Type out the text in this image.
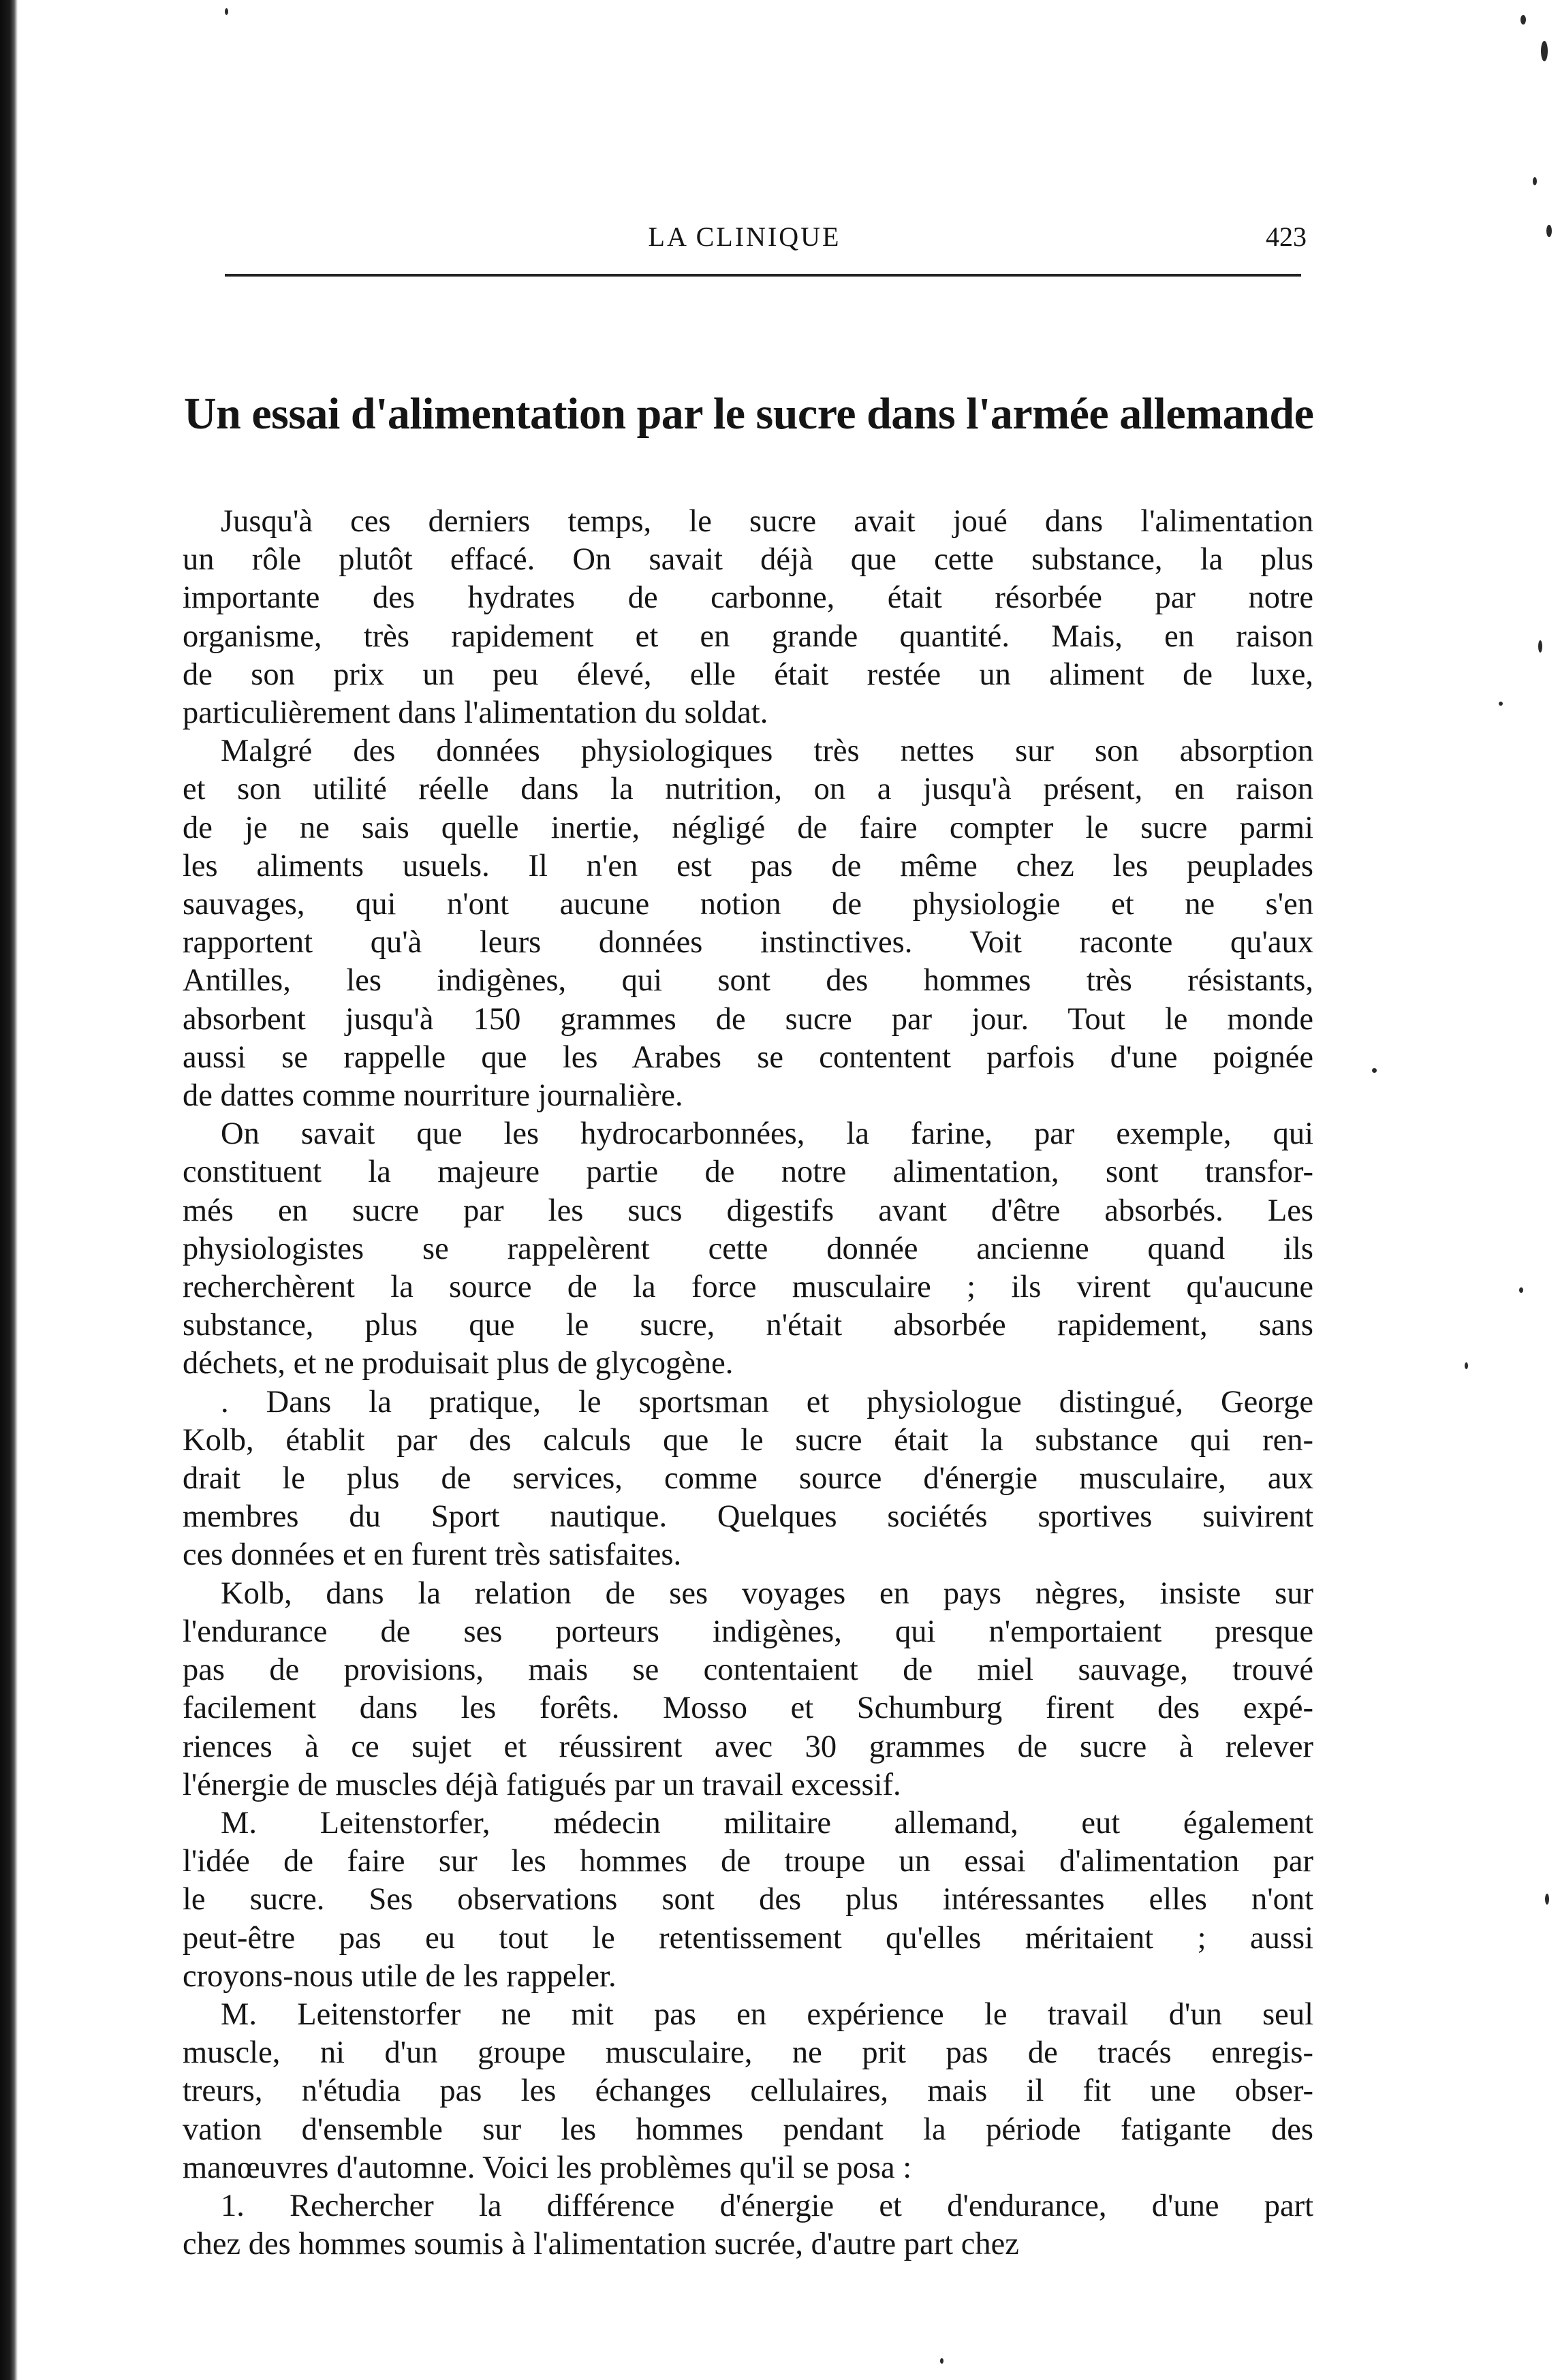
LA CLINIQUE	423
Un essai d'alimentation par le sucre dans l'armée allemande

Jusqu'à ces derniers temps, le sucre avait joué dans l'alimentation
un rôle plutôt effacé. On savait déjà que cette substance, la plus
importante des hydrates de carbonne, était résorbée par notre
organisme, très rapidement et en grande quantité. Mais, en raison
de son prix un peu élevé, elle était restée un aliment de luxe,
particulièrement dans l'alimentation du soldat.

Malgré des données physiologiques très nettes sur son absorption
et son utilité réelle dans la nutrition, on a jusqu'à présent, en raison
de je ne sais quelle inertie, négligé de faire compter le sucre parmi
les aliments usuels. Il n'en est pas de même chez les peuplades
sauvages, qui n'ont aucune notion de physiologie et ne s'en
rapportent qu'à leurs données instinctives. Voit raconte qu'aux
Antilles, les indigènes, qui sont des hommes très résistants,
absorbent jusqu'à 150 grammes de sucre par jour. Tout le monde
aussi se rappelle que les Arabes se contentent parfois d'une poignée
de dattes comme nourriture journalière.

On savait que les hydrocarbonnées, la farine, par exemple, qui
constituent la majeure partie de notre alimentation, sont transfor-
més en sucre par les sucs digestifs avant d'être absorbés. Les
physiologistes se rappelèrent cette donnée ancienne quand ils
recherchèrent la source de la force musculaire ; ils virent qu'aucune
substance, plus que le sucre, n'était absorbée rapidement, sans
déchets, et ne produisait plus de glycogène.

. Dans la pratique, le sportsman et physiologue distingué, George
Kolb, établit par des calculs que le sucre était la substance qui ren-
drait le plus de services, comme source d'énergie musculaire, aux
membres du Sport nautique. Quelques sociétés sportives suivirent
ces données et en furent très satisfaites.

Kolb, dans la relation de ses voyages en pays nègres, insiste sur
l'endurance de ses porteurs indigènes, qui n'emportaient presque
pas de provisions, mais se contentaient de miel sauvage, trouvé
facilement dans les forêts. Mosso et Schumburg firent des expé-
riences à ce sujet et réussirent avec 30 grammes de sucre à relever
l'énergie de muscles déjà fatigués par un travail excessif.

M. Leitenstorfer, médecin militaire allemand, eut également
l'idée de faire sur les hommes de troupe un essai d'alimentation par
le sucre. Ses observations sont des plus intéressantes elles n'ont
peut-être pas eu tout le retentissement qu'elles méritaient ; aussi
croyons-nous utile de les rappeler.

M. Leitenstorfer ne mit pas en expérience le travail d'un seul
muscle, ni d'un groupe musculaire, ne prit pas de tracés enregis-
treurs, n'étudia pas les échanges cellulaires, mais il fit une obser-
vation d'ensemble sur les hommes pendant la période fatigante des
manœuvres d'automne. Voici les problèmes qu'il se posa :

1. Rechercher la différence d'énergie et d'endurance, d'une part
chez des hommes soumis à l'alimentation sucrée, d'autre part chez
